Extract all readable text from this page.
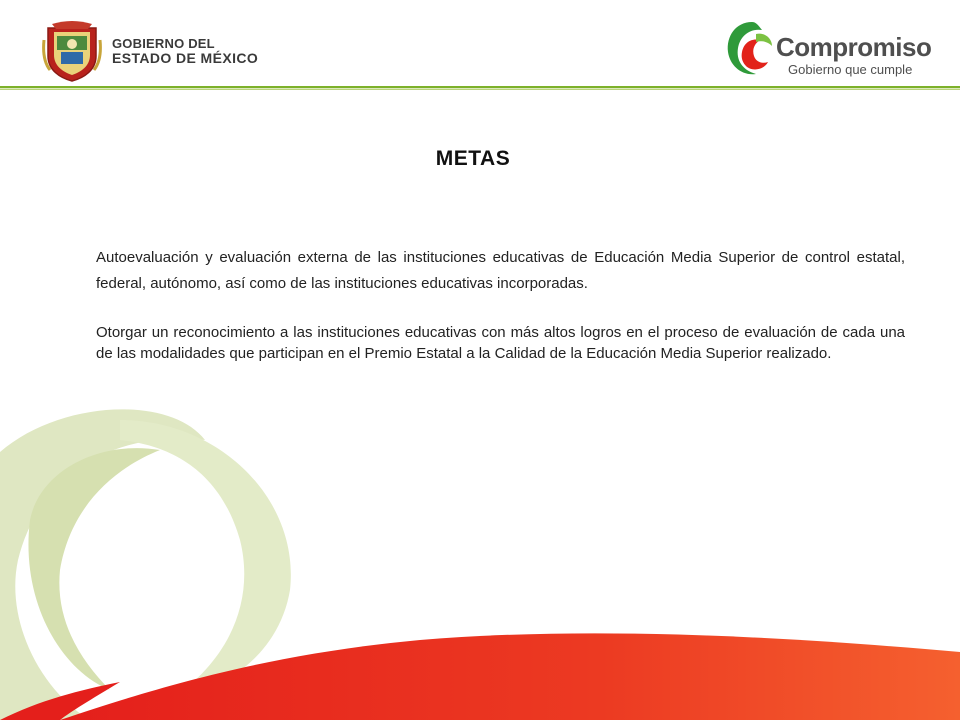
GOBIERNO DEL
ESTADO DE MÉXICO	Compromiso
Gobierno que cumple
METAS
Autoevaluación y evaluación externa de las instituciones educativas de Educación Media Superior de control estatal, federal, autónomo, así como de las instituciones educativas incorporadas.
Otorgar un reconocimiento a las instituciones educativas con más altos logros en el proceso de evaluación de cada una de las modalidades que participan en el Premio Estatal a la Calidad de la Educación Media Superior realizado.
